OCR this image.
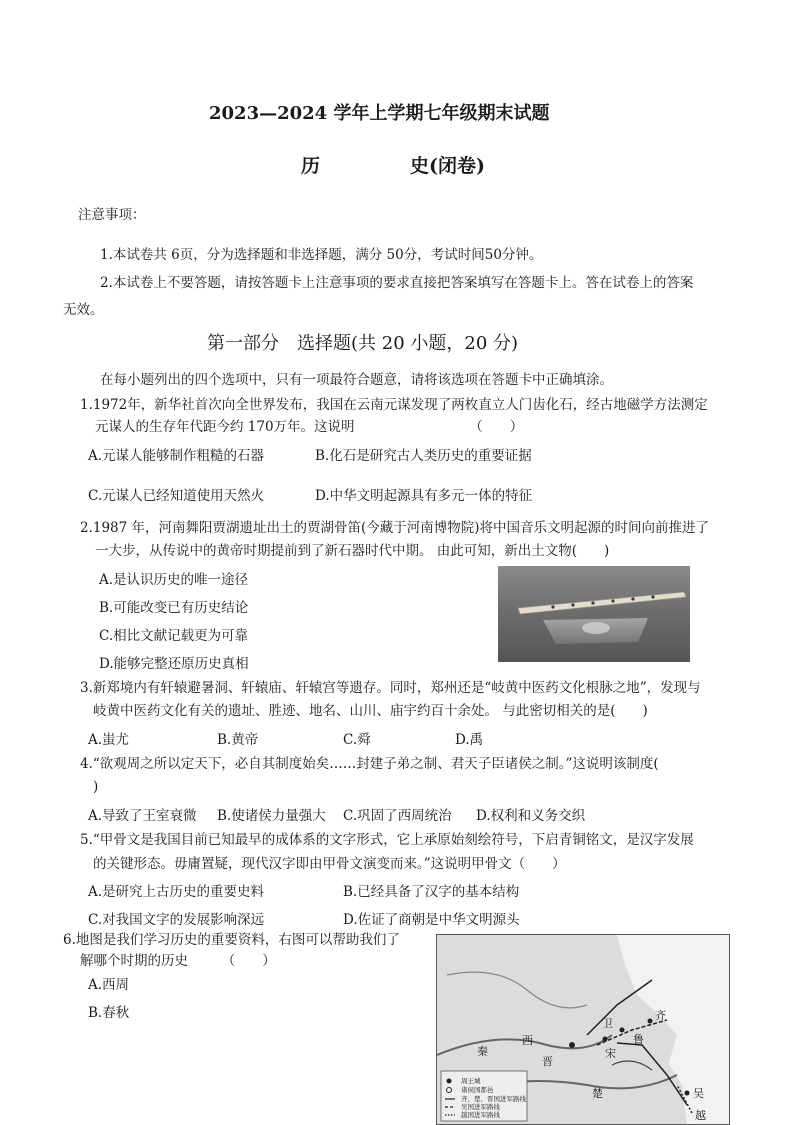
2023—2024 学年上学期七年级期末试题
历	史(闭卷)
注意事项：
1.本试卷共 6页，分为选择题和非选择题，满分 50分，考试时间50分钟。
2.本试卷上不要答题，请按答题卡上注意事项的要求直接把答案填写在答题卡上。答在试卷上的答案
无效。
第一部分　选择题(共 20 小题，20 分)
在每小题列出的四个选项中，只有一项最符合题意，请将该选项在答题卡中正确填涂。
1.1972年，新华社首次向全世界发布，我国在云南元谋发现了两枚直立人门齿化石，经古地磁学方法测定
元谋人的生存年代距今约 170万年。这说明　　　　　　　　　（　　）
A.元谋人能够制作粗糙的石器	B.化石是研究古人类历史的重要证据
C.元谋人已经知道使用天然火	D.中华文明起源具有多元一体的特征
2.1987 年，河南舞阳贾湖遗址出土的贾湖骨笛(今藏于河南博物院)将中国音乐文明起源的时间向前推进了
一大步，从传说中的黄帝时期提前到了新石器时代中期。 由此可知，新出土文物(　　)
A.是认识历史的唯一途径
B.可能改变已有历史结论
C.相比文献记载更为可靠
D.能够完整还原历史真相
3.新郑境内有轩辕避暑洞、轩辕庙、轩辕宫等遗存。同时，郑州还是“岐黄中医药文化根脉之地”，发现与
岐黄中医药文化有关的遗址、胜迹、地名、山川、庙宇约百十余处。 与此密切相关的是(　　)
A.蚩尤	B.黄帝	C.舜	D.禹
4.“欲观周之所以定天下，必自其制度始矣……封建子弟之制、君天子臣诸侯之制。”这说明该制度(
)
A.导致了王室衰微 B.使诸侯力量强大 C.巩固了西周统治 D.权利和义务交织
5.“甲骨文是我国目前已知最早的成体系的文字形式，它上承原始刻绘符号，下启青铜铭文，是汉字发展
的关键形态。毋庸置疑，现代汉字即由甲骨文演变而来。”这说明甲骨文（　　）
A.是研究上古历史的重要史料	B.已经具备了汉字的基本结构
C.对我国文字的发展影响深远	D.佐证了商朝是中华文明源头
6.地图是我们学习历史的重要资料，右图可以帮助我们了
解哪个时期的历史　　　（　　）
A.西周
B.春秋
卫
宋
秦
晋
楚	吴
越
齐
鲁
西
周王城
诸侯国都邑
齐、楚、晋国进军路线
吴国进军路线
越国进军路线
